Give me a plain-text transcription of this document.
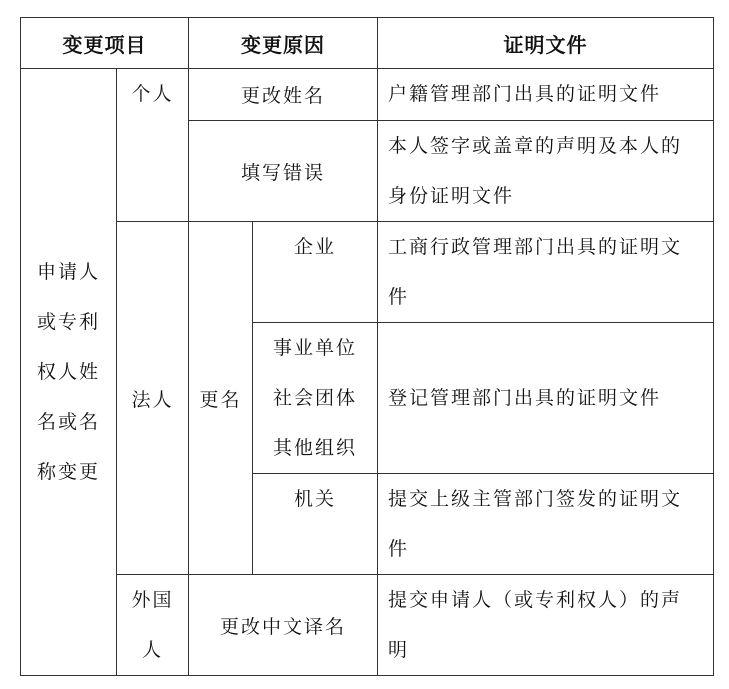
变更项目		变更原因		证明文件

申请人
或专利
权人姓
名或名
称变更	个人	更改姓名		户籍管理部门出具的证明文件

		填写错误		本人签字或盖章的声明及本人的
身份证明文件

	法人	更名	企业	工商行政管理部门出具的证明文
件

			事业单位
社会团体
其他组织	登记管理部门出具的证明文件

			机关	提交上级主管部门签发的证明文
件

	外国
人	更改中文译名		提交申请人（或专利权人）的声
明
